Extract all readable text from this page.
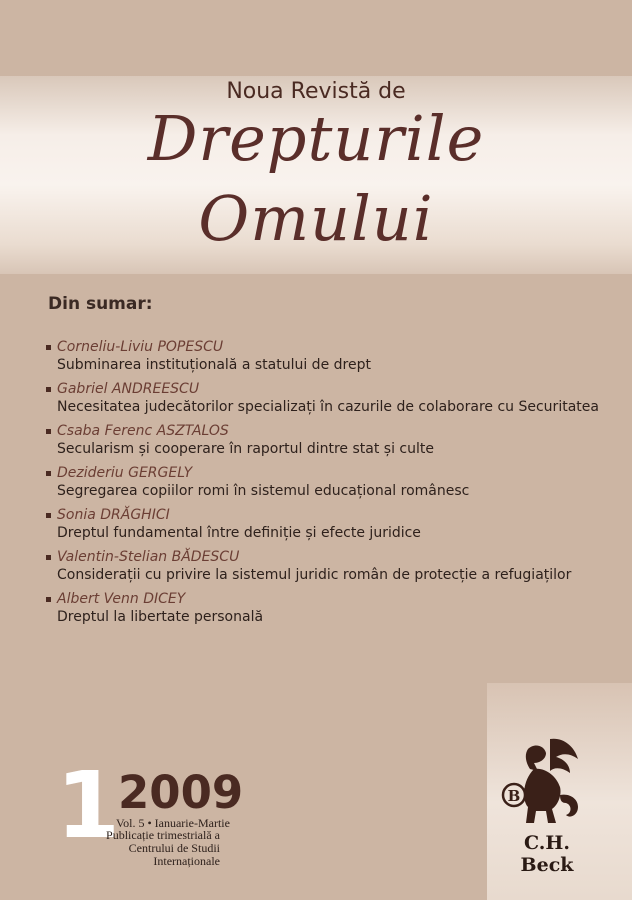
Noua Revistă de
Drepturile
Omului
Din sumar:
Corneliu-Liviu POPESCU
Subminarea instituțională a statului de drept
Gabriel ANDREESCU
Necesitatea judecătorilor specializați în cazurile de colaborare cu Securitatea
Csaba Ferenc ASZTALOS
Secularism și cooperare în raportul dintre stat și culte
Dezideriu GERGELY
Segregarea copiilor romi în sistemul educațional românesc
Sonia DRĂGHICI
Dreptul fundamental între definiție și efecte juridice
Valentin-Stelian BĂDESCU
Considerații cu privire la sistemul juridic român de protecție a refugiaților
Albert Venn DICEY
Dreptul la libertate personală
1
2009
Vol. 5 • Ianuarie-Martie
Publicație trimestrială a
Centrului de Studii Internaționale
B
C.H. Beck
